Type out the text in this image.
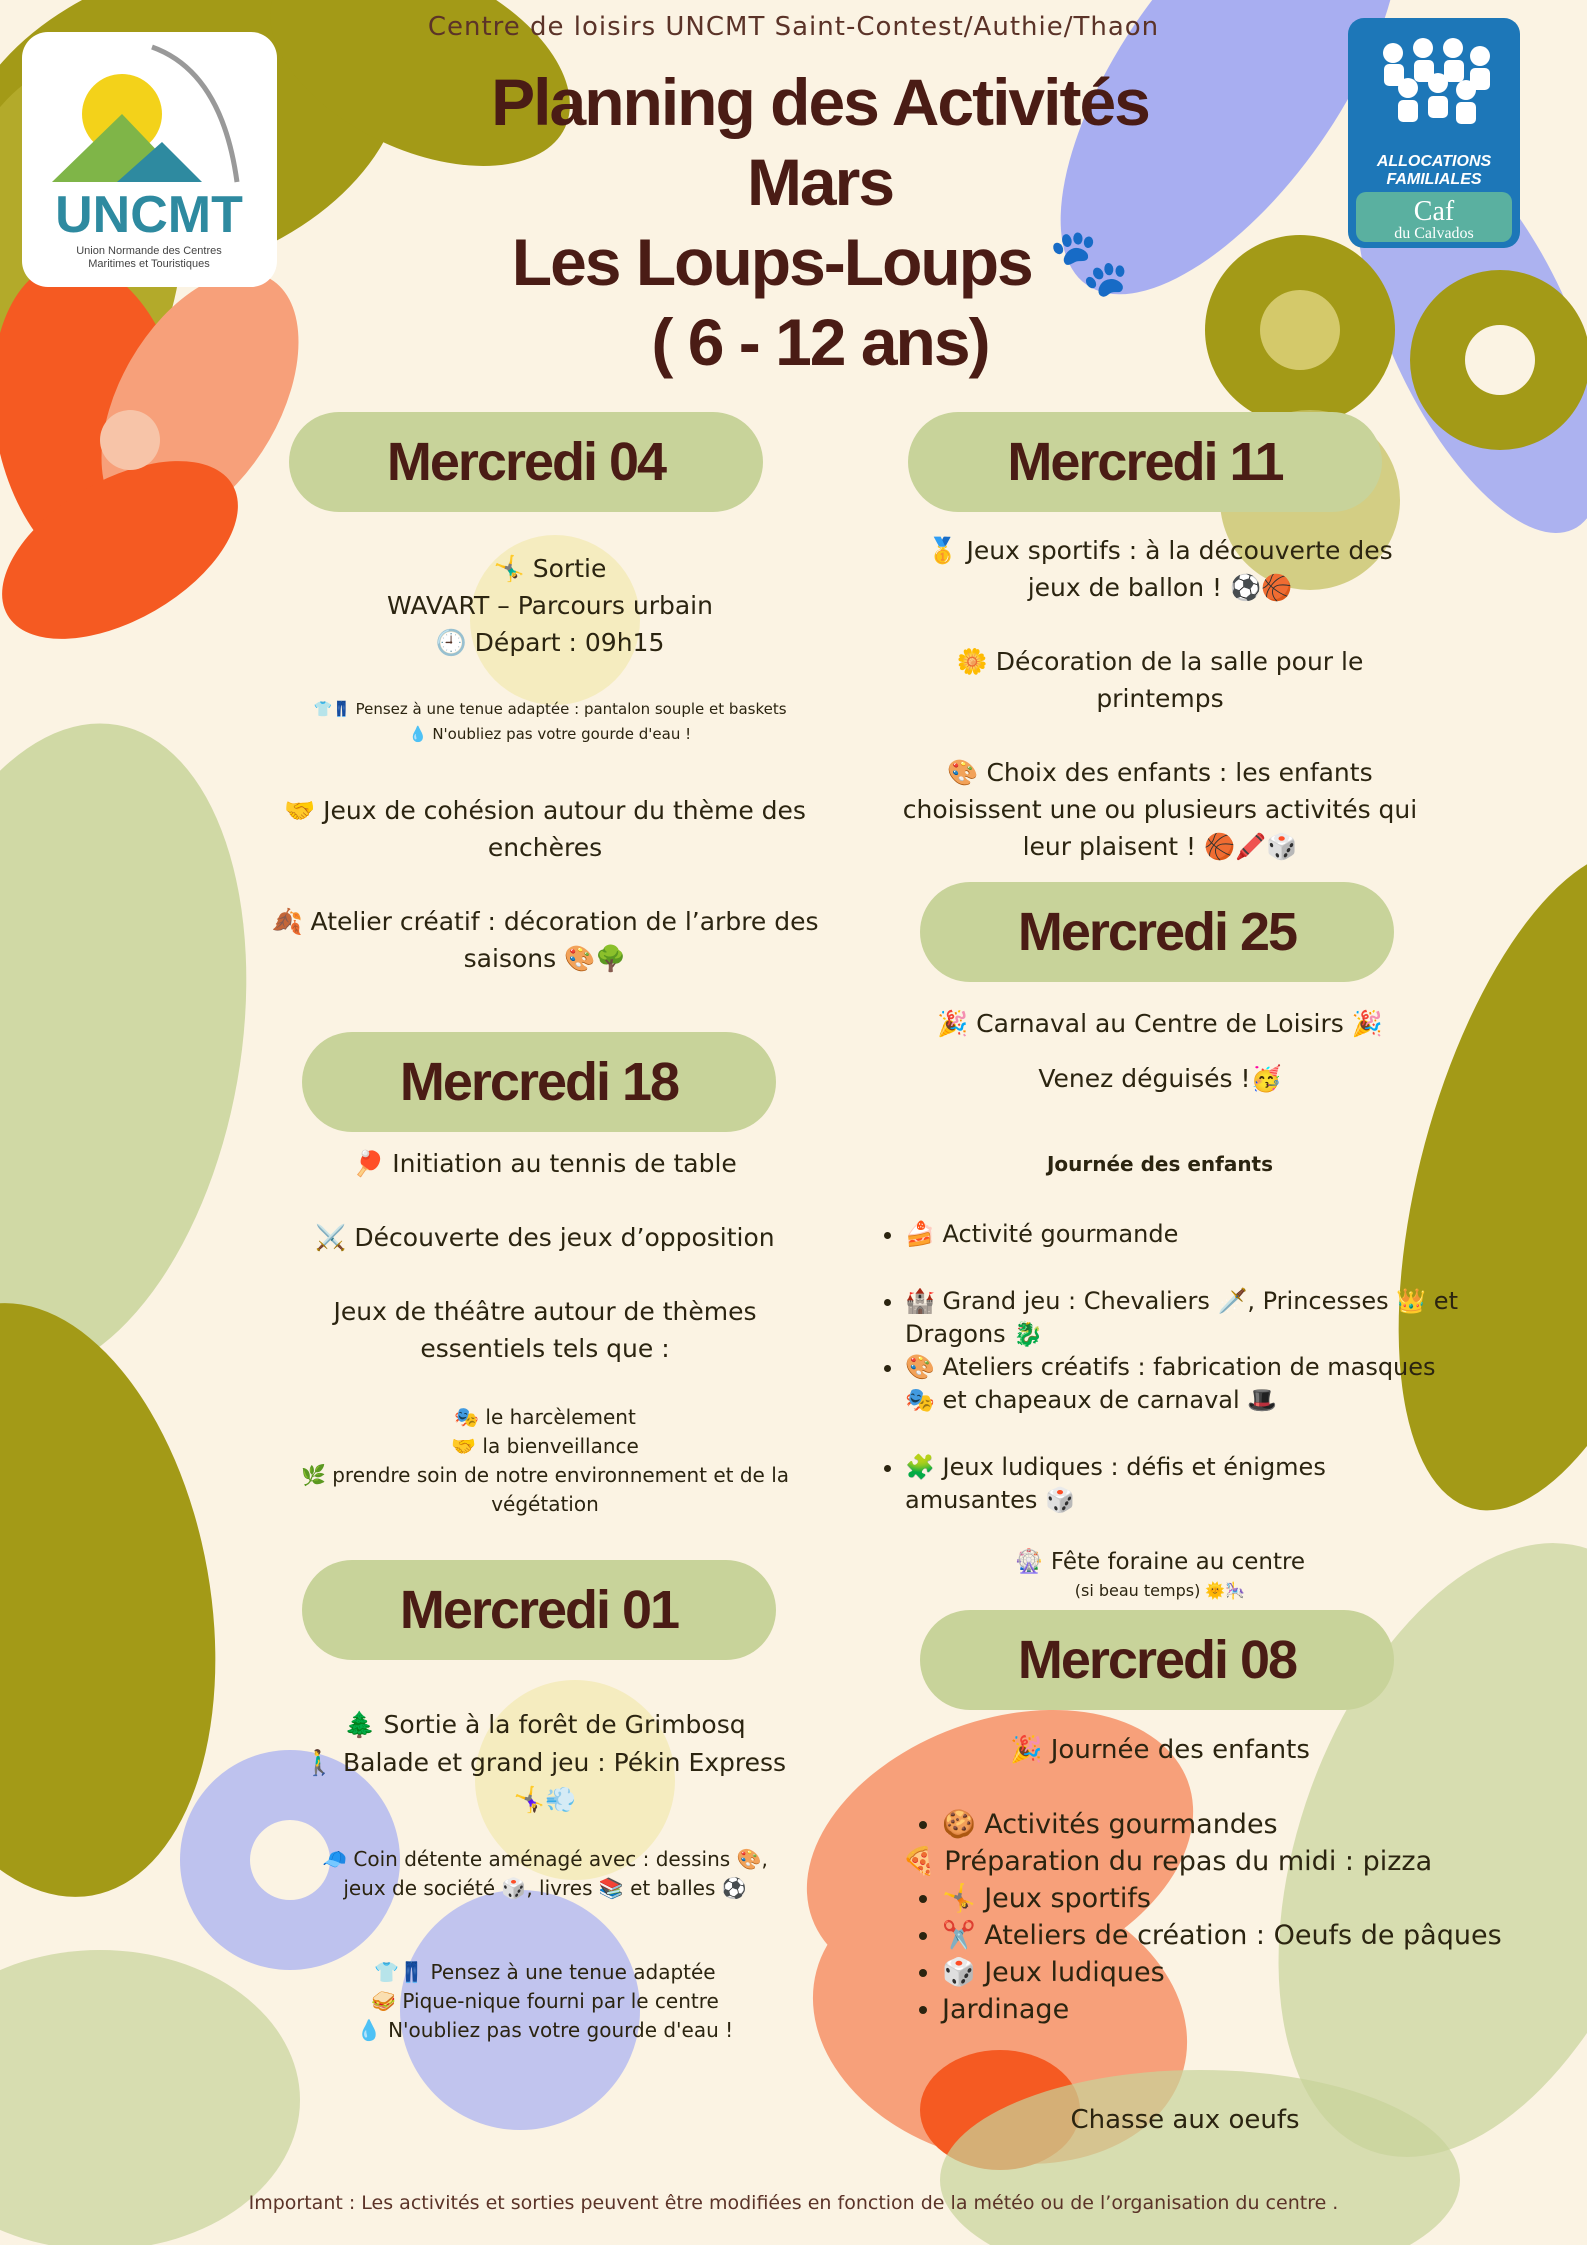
Centre de loisirs UNCMT Saint-Contest/Authie/Thaon
Planning des Activités
Mars
Les Loups-Loups 🐾
( 6 - 12 ans)
UNCMT
Union Normande des Centres
Maritimes et Touristiques
ALLOCATIONS
FAMILIALES
Caf
du Calvados
Mercredi 04
🤸‍♂️ Sortie
WAVART – Parcours urbain
🕘 Départ : 09h15
👕👖 Pensez à une tenue adaptée : pantalon souple et baskets
💧 N'oubliez pas votre gourde d'eau !
🤝 Jeux de cohésion autour du thème des enchères
🍂 Atelier créatif : décoration de l’arbre des saisons 🎨🌳
Mercredi 11
🥇 Jeux sportifs : à la découverte des jeux de ballon ! ⚽🏀
🌼 Décoration de la salle pour le printemps
🎨 Choix des enfants : les enfants choisissent une ou plusieurs activités qui leur plaisent ! 🏀🖍️🎲
Mercredi 25
🎉 Carnaval au Centre de Loisirs 🎉
Venez déguisés !🥳
Journée des enfants
• 🍰 Activité gourmande
• 🏰 Grand jeu : Chevaliers 🗡️, Princesses 👑 et Dragons 🐉
• 🎨 Ateliers créatifs : fabrication de masques 🎭 et chapeaux de carnaval 🎩
• 🧩 Jeux ludiques : défis et énigmes amusantes 🎲
🎡 Fête foraine au centre
(si beau temps) 🌞🎠
Mercredi 18
🏓 Initiation au tennis de table
⚔️ Découverte des jeux d’opposition
Jeux de théâtre autour de thèmes essentiels tels que :
🎭 le harcèlement
🤝 la bienveillance
🌿 prendre soin de notre environnement et de la végétation
Mercredi 01
🌲 Sortie à la forêt de Grimbosq
🚶‍♂️ Balade et grand jeu : Pékin Express 🤸‍♀️💨
🧢 Coin détente aménagé avec : dessins 🎨, jeux de société 🎲, livres 📚 et balles ⚽
👕👖 Pensez à une tenue adaptée
🥪 Pique-nique fourni par le centre
💧 N'oubliez pas votre gourde d'eau !
Mercredi 08
🎉 Journée des enfants
• 🍪 Activités gourmandes
🍕 Préparation du repas du midi : pizza
• 🤸 Jeux sportifs
• ✂️ Ateliers de création : Oeufs de pâques
• 🎲 Jeux ludiques
• Jardinage
Chasse aux oeufs
Important : Les activités et sorties peuvent être modifiées en fonction de la météo ou de l’organisation du centre .
